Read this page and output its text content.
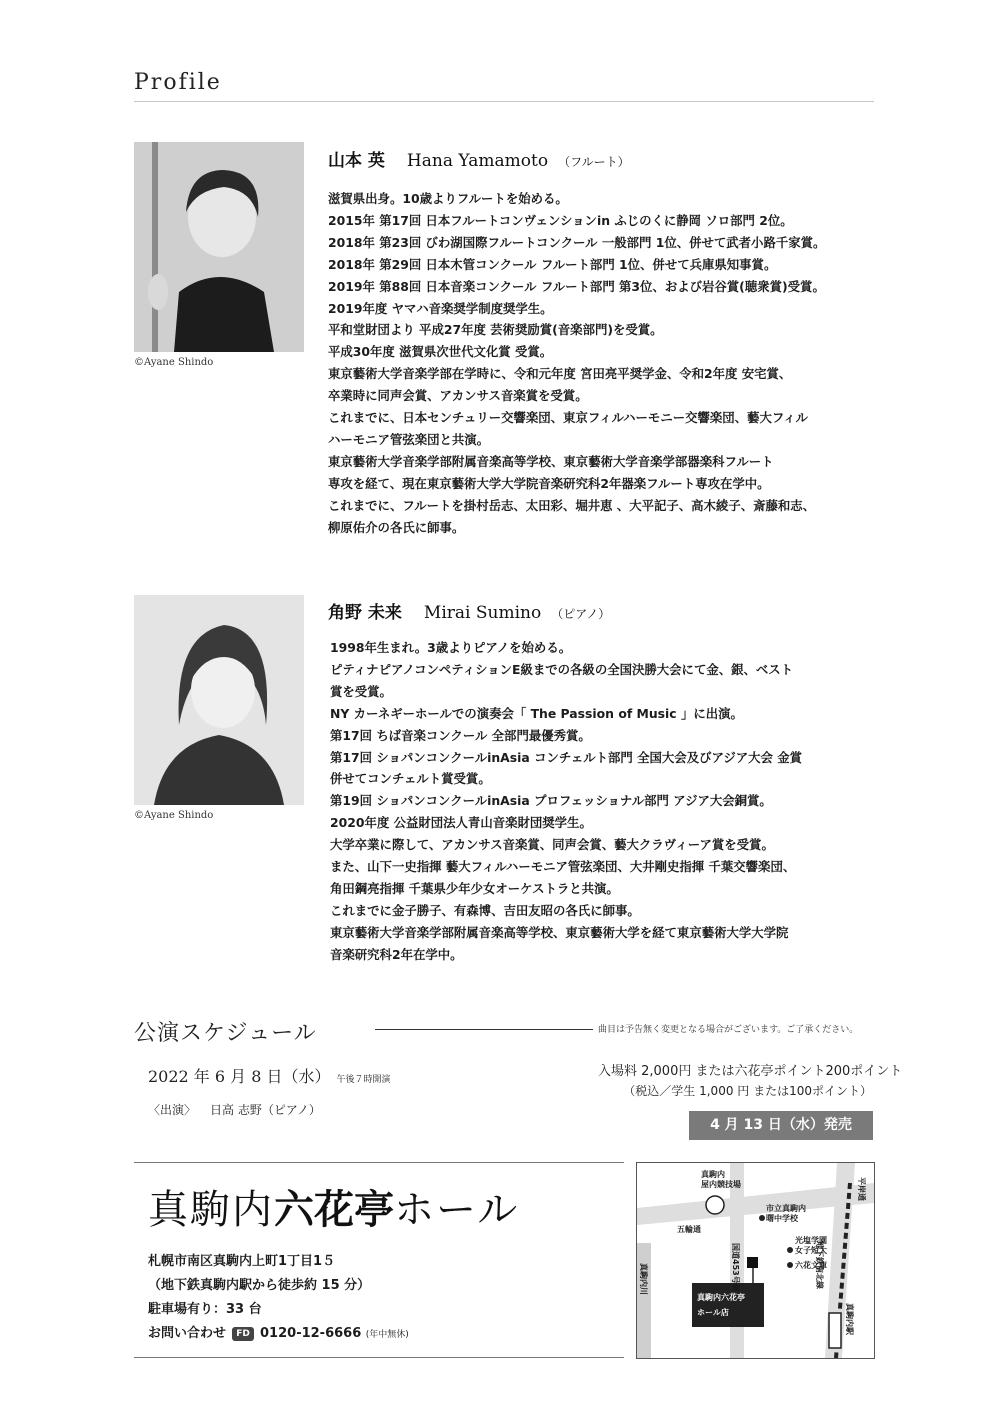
Profile
©Ayane Shindo
山本 英 Hana Yamamoto （フルート）
滋賀県出身。10歳よりフルートを始める。
2015年 第17回 日本フルートコンヴェンションin ふじのくに静岡 ソロ部門 2位。
2018年 第23回 びわ湖国際フルートコンクール 一般部門 1位、併せて武者小路千家賞。
2018年 第29回 日本木管コンクール フルート部門 1位、併せて兵庫県知事賞。
2019年 第88回 日本音楽コンクール フルート部門 第3位、および岩谷賞(聴衆賞)受賞。
2019年度 ヤマハ音楽奨学制度奨学生。
平和堂財団より 平成27年度 芸術奨励賞(音楽部門)を受賞。
平成30年度 滋賀県次世代文化賞 受賞。
東京藝術大学音楽学部在学時に、令和元年度 宮田亮平奨学金、令和2年度 安宅賞、
卒業時に同声会賞、アカンサス音楽賞を受賞。
これまでに、日本センチュリー交響楽団、東京フィルハーモニー交響楽団、藝大フィル
ハーモニア管弦楽団と共演。
東京藝術大学音楽学部附属音楽高等学校、東京藝術大学音楽学部器楽科フルート
専攻を経て、現在東京藝術大学大学院音楽研究科2年器楽フルート専攻在学中。
これまでに、フルートを掛村岳志、太田彩、堀井恵 、大平記子、高木綾子、斎藤和志、
柳原佑介の各氏に師事。
©Ayane Shindo
角野 未来 Mirai Sumino （ピアノ）
1998年生まれ。3歳よりピアノを始める。
ピティナピアノコンペティションE級までの各級の全国決勝大会にて金、銀、ベスト
賞を受賞。
NY カーネギーホールでの演奏会「 The Passion of Music 」に出演。
第17回 ちば音楽コンクール 全部門最優秀賞。
第17回 ショパンコンクールinAsia コンチェルト部門 全国大会及びアジア大会 金賞
併せてコンチェルト賞受賞。
第19回 ショパンコンクールinAsia プロフェッショナル部門 アジア大会銅賞。
2020年度 公益財団法人青山音楽財団奨学生。
大学卒業に際して、アカンサス音楽賞、同声会賞、藝大クラヴィーア賞を受賞。
また、山下一史指揮 藝大フィルハーモニア管弦楽団、大井剛史指揮 千葉交響楽団、
角田鋼亮指揮 千葉県少年少女オーケストラと共演。
これまでに金子勝子、有森博、吉田友昭の各氏に師事。
東京藝術大学音楽学部附属音楽高等学校、東京藝術大学を経て東京藝術大学大学院
音楽研究科2年在学中。
公演スケジュール	曲目は予告無く変更となる場合がございます。ご了承ください。
2022 年 6 月 8 日（水） 午後７時開演
〈出演〉 日高 志野（ピアノ）
入場料 2,000円 または六花亭ポイント200ポイント
（税込／学生 1,000 円 または100ポイント）
4 月 13 日（水）発売
真駒内六花亭ホール
札幌市南区真駒内上町1丁目1５
（地下鉄真駒内駅から徒歩約 15 分）
駐車場有り：33 台
お問い合わせ FD 0120-12-6666 (年中無休)
真駒内
屋内競技場
市立真駒内
曙中学校
五輪通
国道453号線
光塩学園
女子短大
六花文庫
平岸通
地下鉄南北線
真駒内川
真駒内駅
真駒内六花亭
ホール店
